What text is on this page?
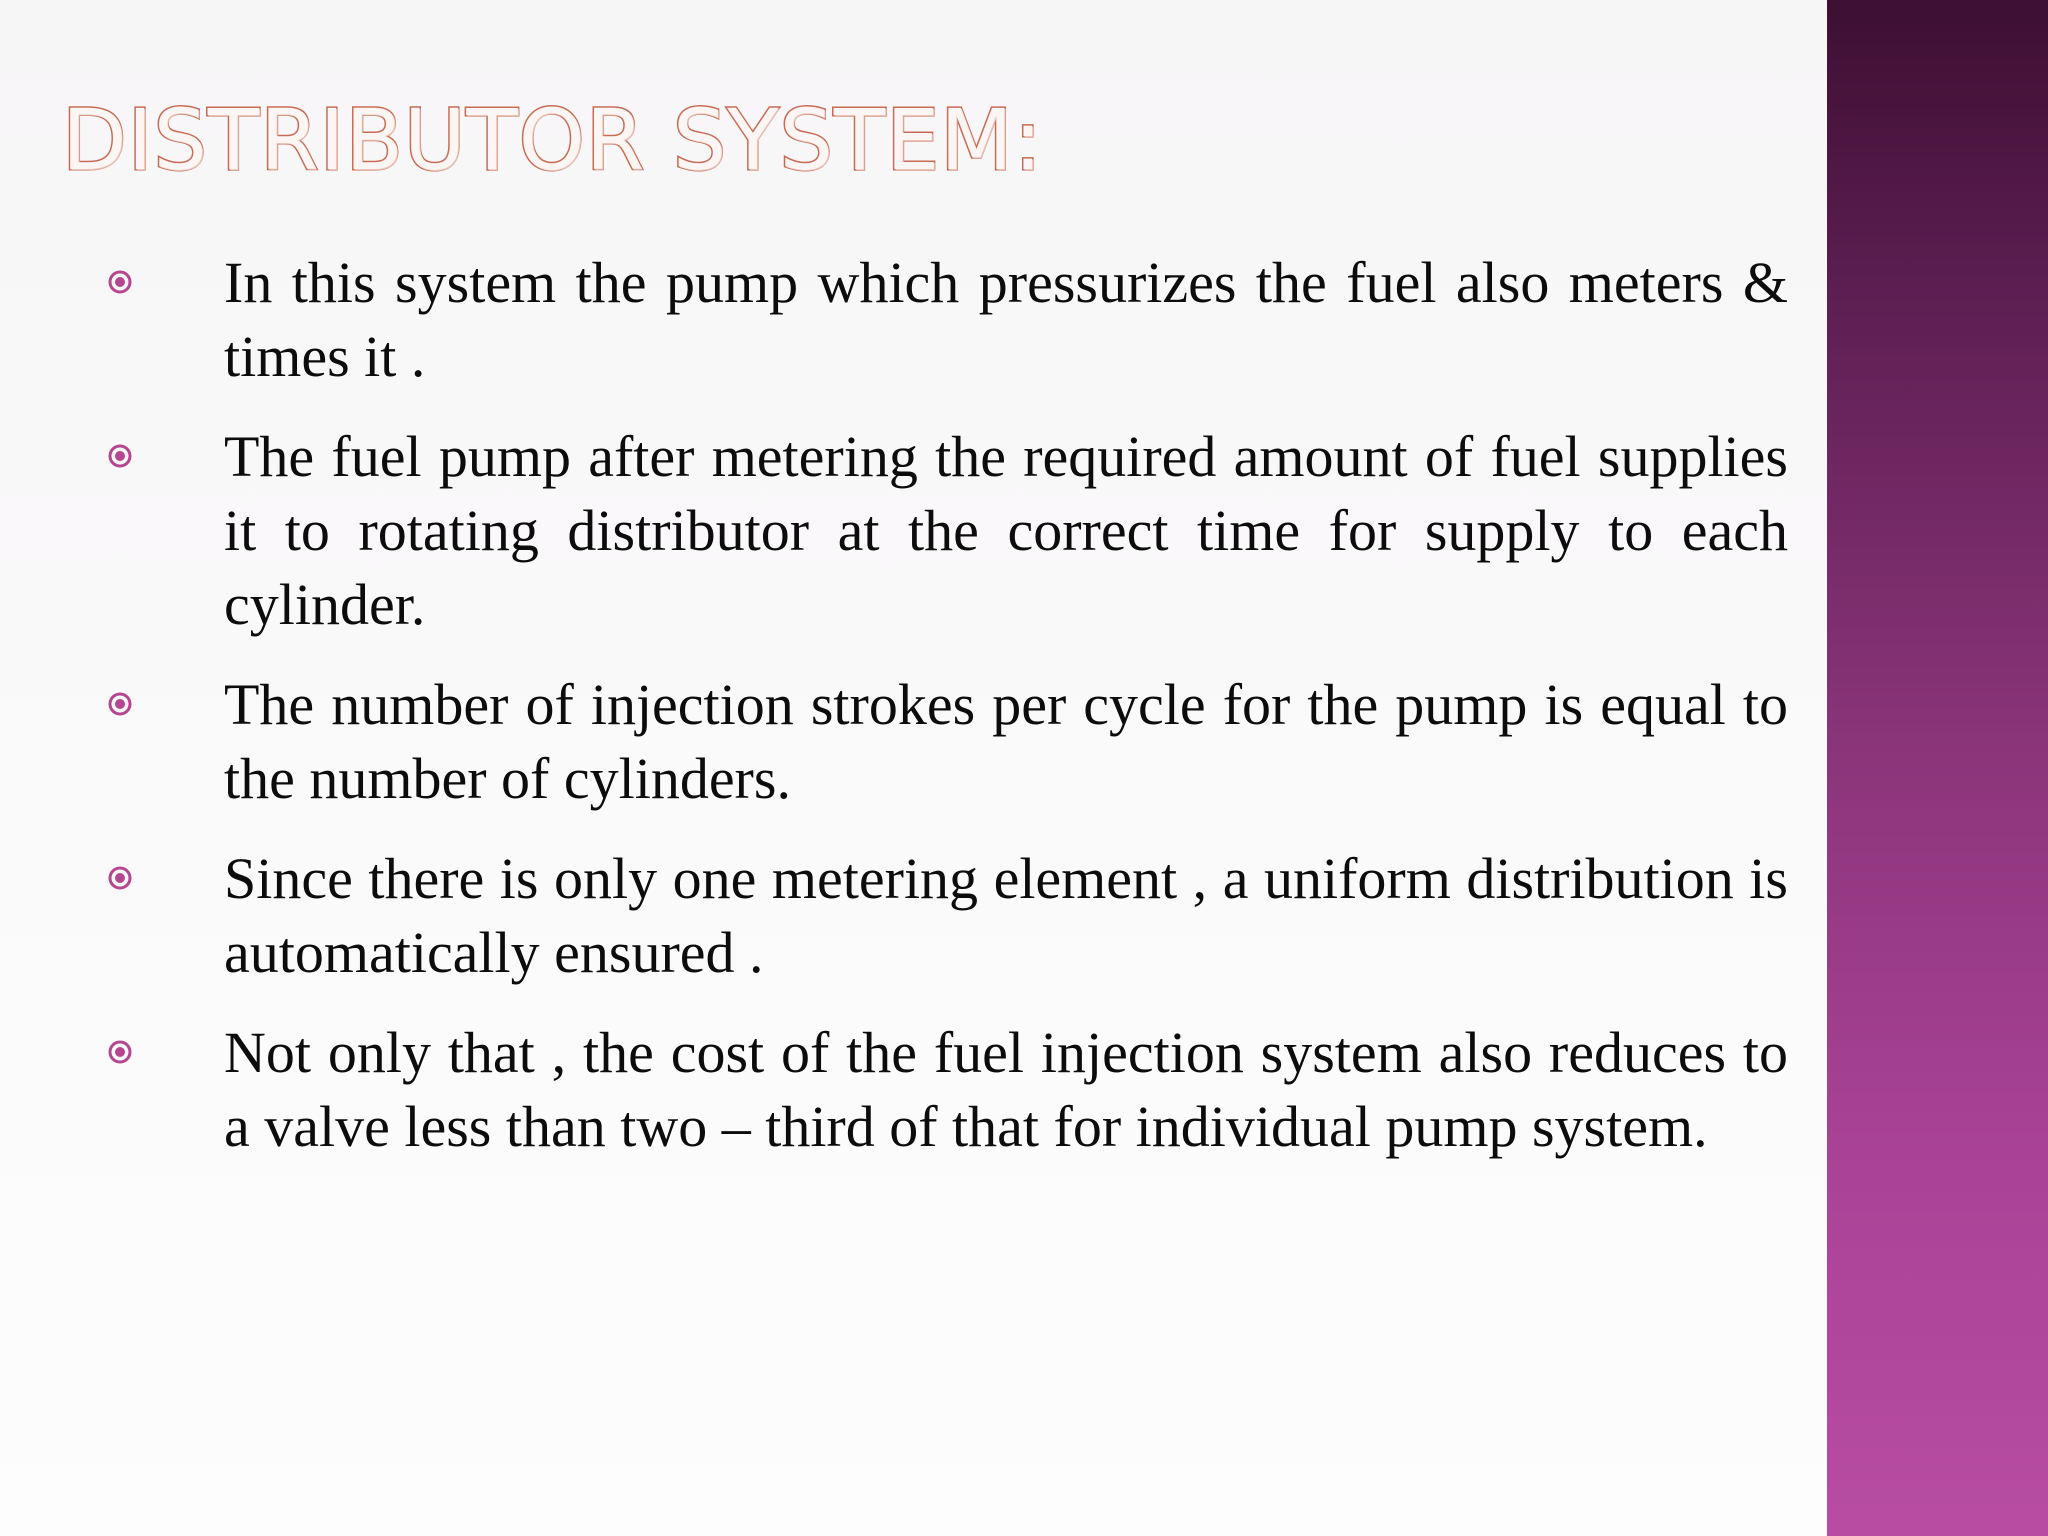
DISTRIBUTOR SYSTEM:
In this system the pump which pressurizes the fuel also meters & times it .
The fuel pump after metering the required amount of fuel supplies it to rotating distributor at the correct time for supply to each cylinder.
The number of injection strokes per cycle for the pump is equal to the number of cylinders.
Since there is only one metering element , a uniform distribution is automatically ensured .
Not only that , the cost of the fuel injection system also reduces to a valve less than two – third of that for individual pump system.
